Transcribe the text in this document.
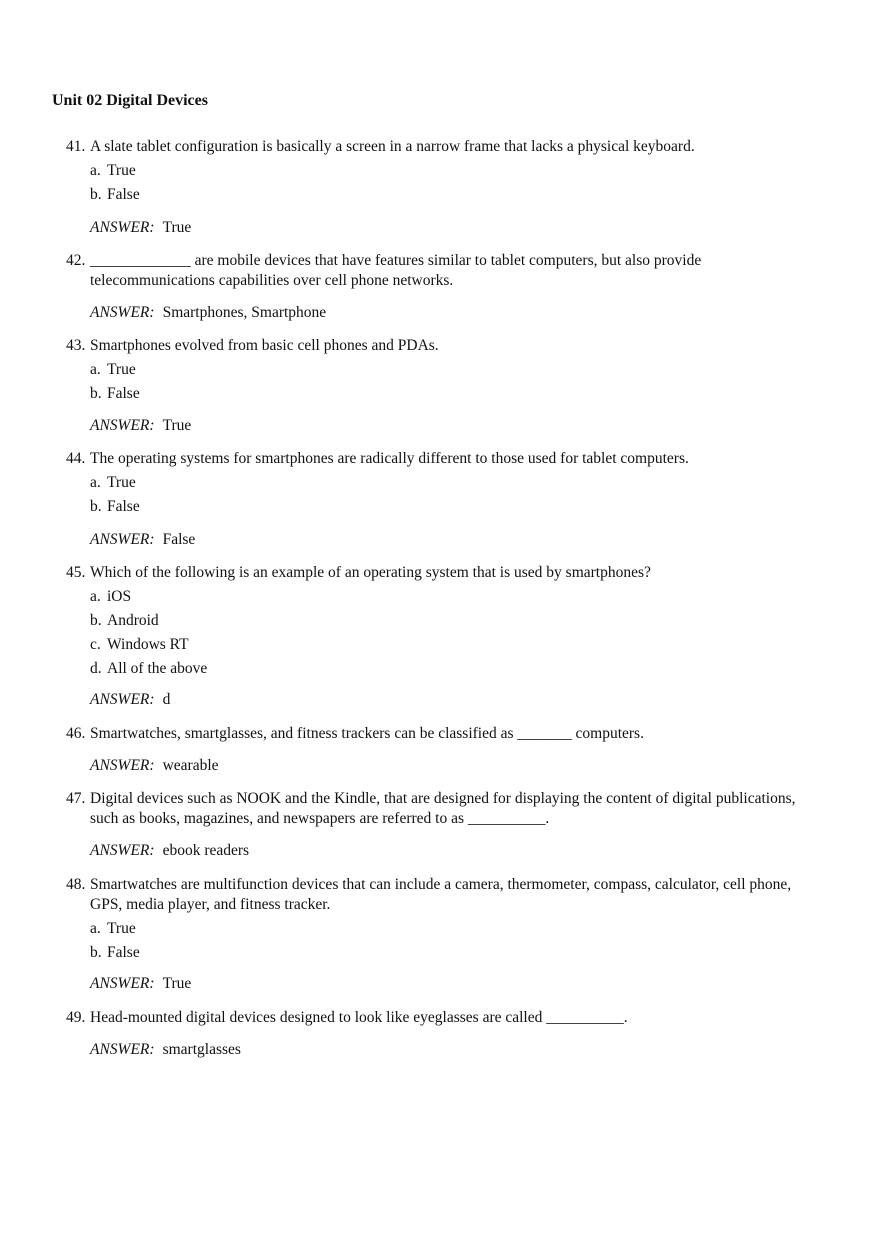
Unit 02 Digital Devices
41. A slate tablet configuration is basically a screen in a narrow frame that lacks a physical keyboard.
a. True
b. False
ANSWER: True
42. _____________ are mobile devices that have features similar to tablet computers, but also provide telecommunications capabilities over cell phone networks.
ANSWER: Smartphones, Smartphone
43. Smartphones evolved from basic cell phones and PDAs.
a. True
b. False
ANSWER: True
44. The operating systems for smartphones are radically different to those used for tablet computers.
a. True
b. False
ANSWER: False
45. Which of the following is an example of an operating system that is used by smartphones?
a. iOS
b. Android
c. Windows RT
d. All of the above
ANSWER: d
46. Smartwatches, smartglasses, and fitness trackers can be classified as _______ computers.
ANSWER: wearable
47. Digital devices such as NOOK and the Kindle, that are designed for displaying the content of digital publications, such as books, magazines, and newspapers are referred to as __________.
ANSWER: ebook readers
48. Smartwatches are multifunction devices that can include a camera, thermometer, compass, calculator, cell phone, GPS, media player, and fitness tracker.
a. True
b. False
ANSWER: True
49. Head-mounted digital devices designed to look like eyeglasses are called __________.
ANSWER: smartglasses
